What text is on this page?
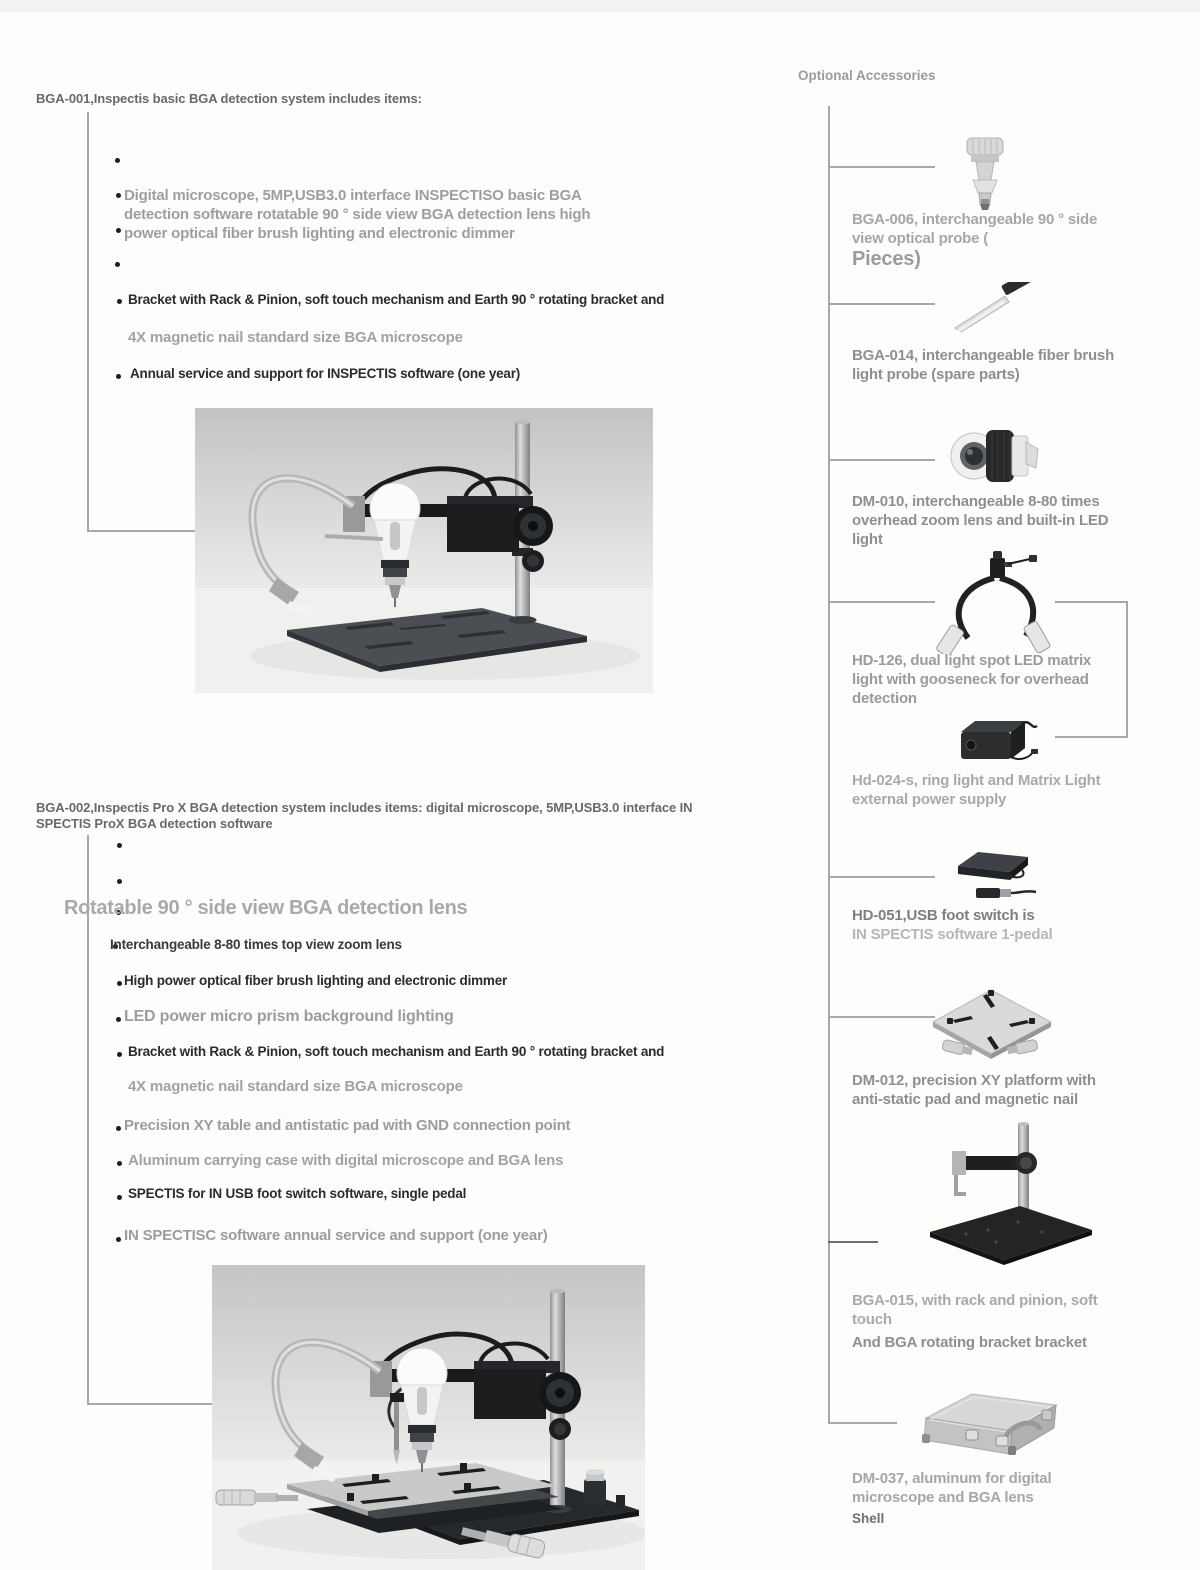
BGA-001,Inspectis basic BGA detection system includes items:
Digital microscope, 5MP,USB3.0 interface INSPECTISO basic BGA
detection software rotatable 90 ° side view BGA detection lens high
power optical fiber brush lighting and electronic dimmer
Bracket with Rack & Pinion, soft touch mechanism and Earth 90 ° rotating bracket and
4X magnetic nail standard size BGA microscope
Annual service and support for INSPECTIS software (one year)
BGA-002,Inspectis Pro X BGA detection system includes items: digital microscope, 5MP,USB3.0 interface IN
SPECTIS ProX BGA detection software
Rotatable 90 ° side view BGA detection lens
Interchangeable 8-80 times top view zoom lens
High power optical fiber brush lighting and electronic dimmer
LED power micro prism background lighting
Bracket with Rack & Pinion, soft touch mechanism and Earth 90 ° rotating bracket and
4X magnetic nail standard size BGA microscope
Precision XY table and antistatic pad with GND connection point
Aluminum carrying case with digital microscope and BGA lens
SPECTIS for IN USB foot switch software, single pedal
IN SPECTISC software annual service and support (one year)
Optional Accessories
BGA-006, interchangeable 90 ° side
view optical probe (
Pieces)
BGA-014, interchangeable fiber brush
light probe (spare parts)
DM-010, interchangeable 8-80 times
overhead zoom lens and built-in LED
light
HD-126, dual light spot LED matrix
light with gooseneck for overhead
detection
Hd-024-s, ring light and Matrix Light
external power supply
HD-051,USB foot switch is
IN SPECTIS software 1-pedal
DM-012, precision XY platform with
anti-static pad and magnetic nail
BGA-015, with rack and pinion, soft
touch
And BGA rotating bracket bracket
DM-037, aluminum for digital
microscope and BGA lens
Shell
